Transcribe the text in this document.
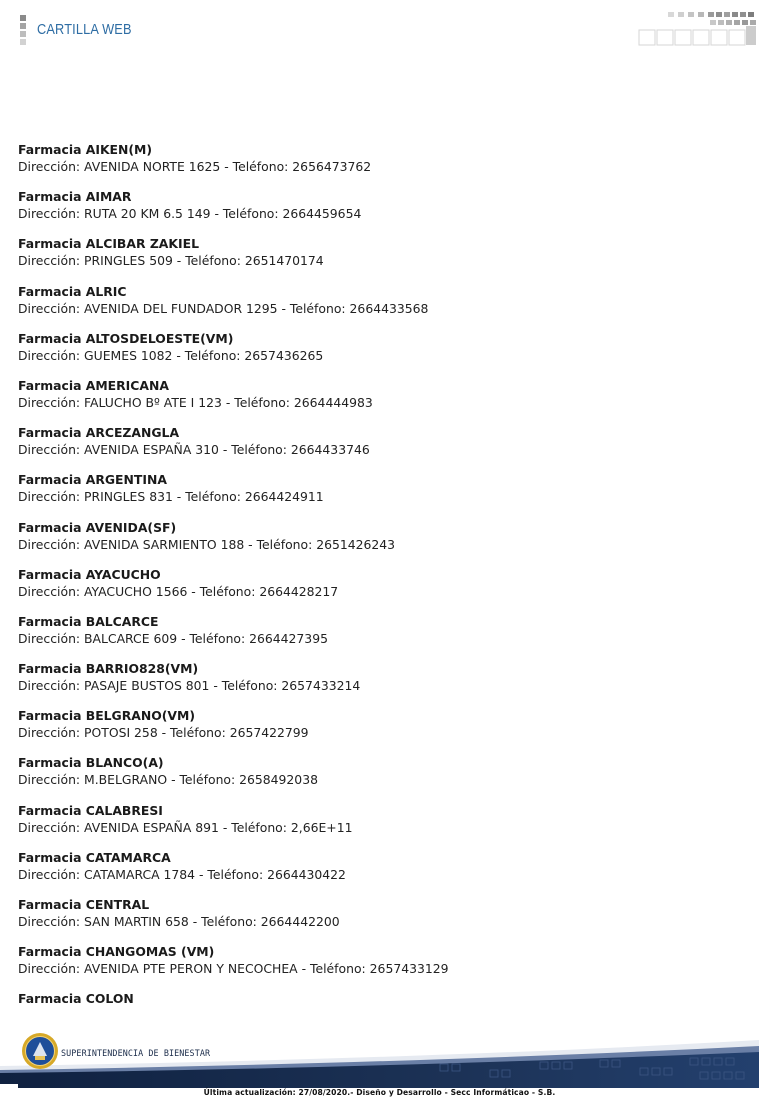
CARTILLA WEB
Farmacia AIKEN(M)
Dirección: AVENIDA NORTE 1625 - Teléfono: 2656473762
Farmacia AIMAR
Dirección: RUTA 20 KM 6.5 149 - Teléfono: 2664459654
Farmacia ALCIBAR ZAKIEL
Dirección: PRINGLES 509 - Teléfono: 2651470174
Farmacia ALRIC
Dirección: AVENIDA DEL FUNDADOR 1295 - Teléfono: 2664433568
Farmacia ALTOSDELOESTE(VM)
Dirección: GUEMES 1082 - Teléfono: 2657436265
Farmacia AMERICANA
Dirección: FALUCHO Bº ATE I 123 - Teléfono: 2664444983
Farmacia ARCEZANGLA
Dirección: AVENIDA ESPAÑA 310 - Teléfono: 2664433746
Farmacia ARGENTINA
Dirección: PRINGLES 831 - Teléfono: 2664424911
Farmacia AVENIDA(SF)
Dirección: AVENIDA SARMIENTO 188 - Teléfono: 2651426243
Farmacia AYACUCHO
Dirección: AYACUCHO 1566 - Teléfono: 2664428217
Farmacia BALCARCE
Dirección: BALCARCE 609 - Teléfono: 2664427395
Farmacia BARRIO828(VM)
Dirección: PASAJE BUSTOS 801 - Teléfono: 2657433214
Farmacia BELGRANO(VM)
Dirección: POTOSI 258 - Teléfono: 2657422799
Farmacia BLANCO(A)
Dirección: M.BELGRANO - Teléfono: 2658492038
Farmacia CALABRESI
Dirección: AVENIDA ESPAÑA 891 - Teléfono: 2,66E+11
Farmacia CATAMARCA
Dirección: CATAMARCA 1784 - Teléfono: 2664430422
Farmacia CENTRAL
Dirección: SAN MARTIN 658 - Teléfono: 2664442200
Farmacia CHANGOMAS (VM)
Dirección: AVENIDA PTE PERON Y NECOCHEA - Teléfono: 2657433129
Farmacia COLON
SUPERINTENDENCIA DE BIENESTAR
Última actualización: 27/08/2020.- Diseño y Desarrollo - Secc Informáticao - S.B.
